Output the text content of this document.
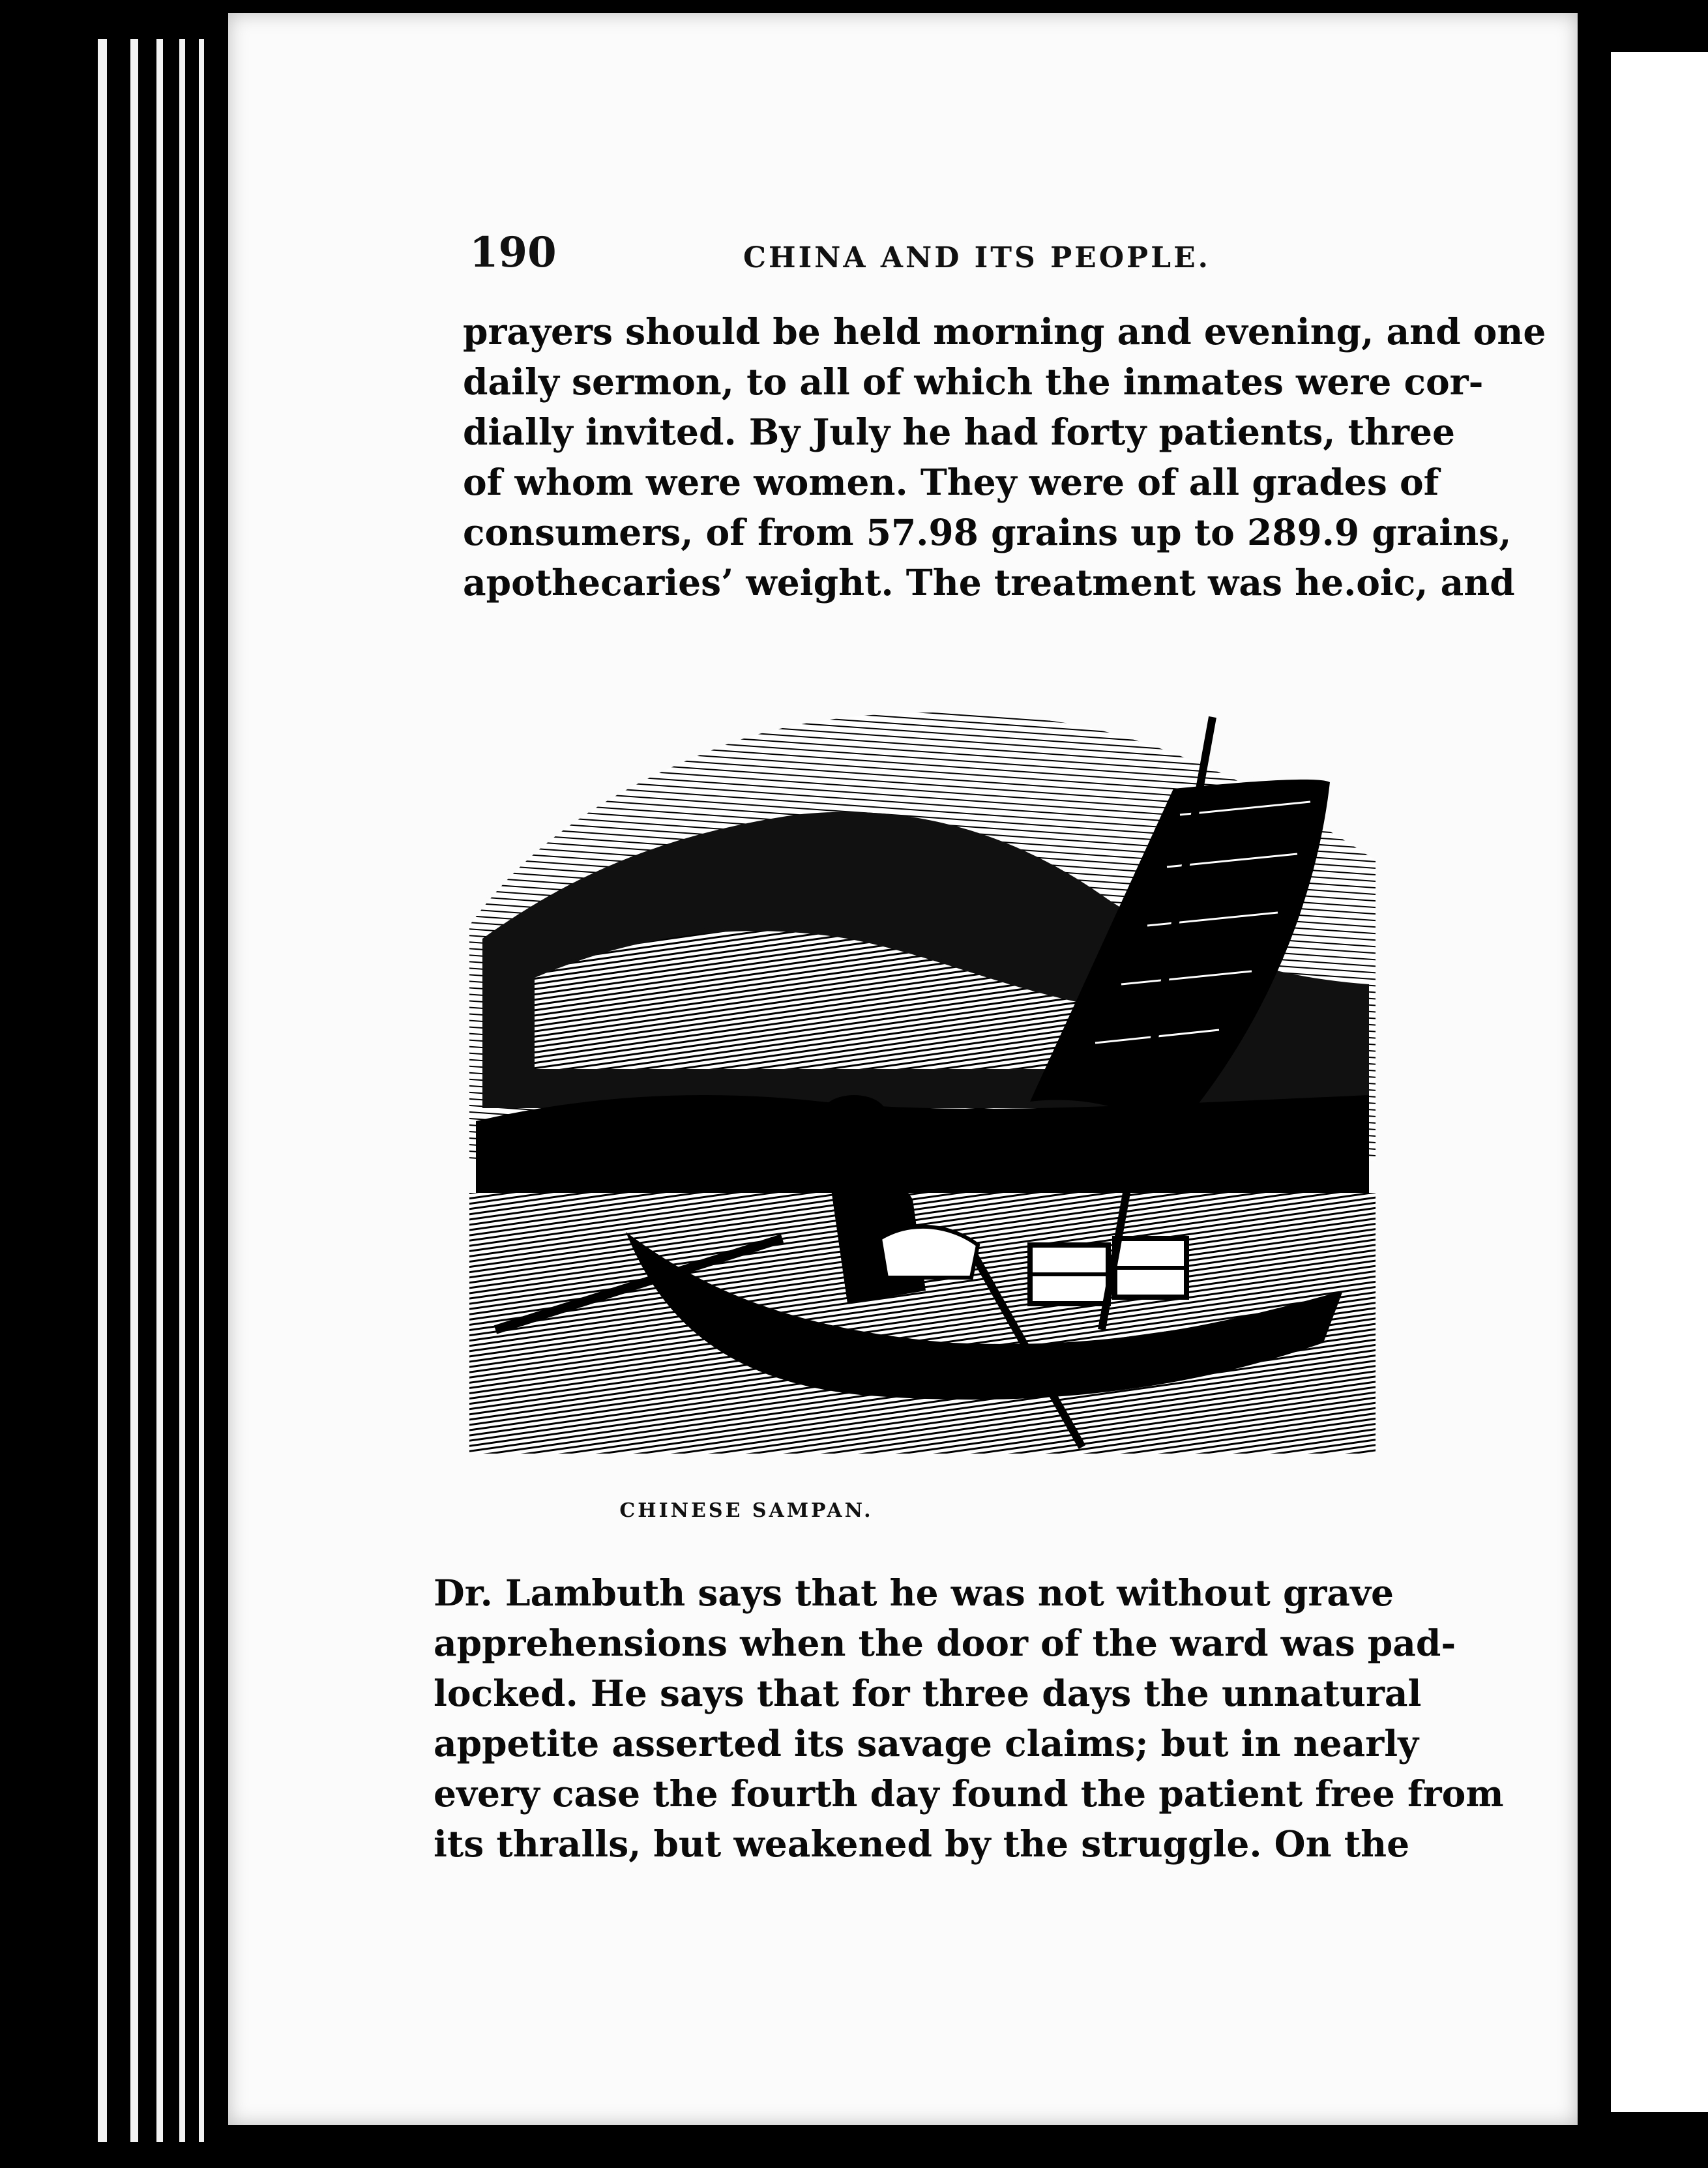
190	CHINA AND ITS PEOPLE.

prayers should be held morning and evening, and one
daily sermon, to all of which the inmates were cor-
dially invited. By July he had forty patients, three
of whom were women. They were of all grades of
consumers, of from 57.98 grains up to 289.9 grains,
apothecaries’ weight. The treatment was he.oic, and

CHINESE SAMPAN.

Dr. Lambuth says that he was not without grave
apprehensions when the door of the ward was pad-
locked. He says that for three days the unnatural
appetite asserted its savage claims; but in nearly
every case the fourth day found the patient free from
its thralls, but weakened by the struggle. On the
